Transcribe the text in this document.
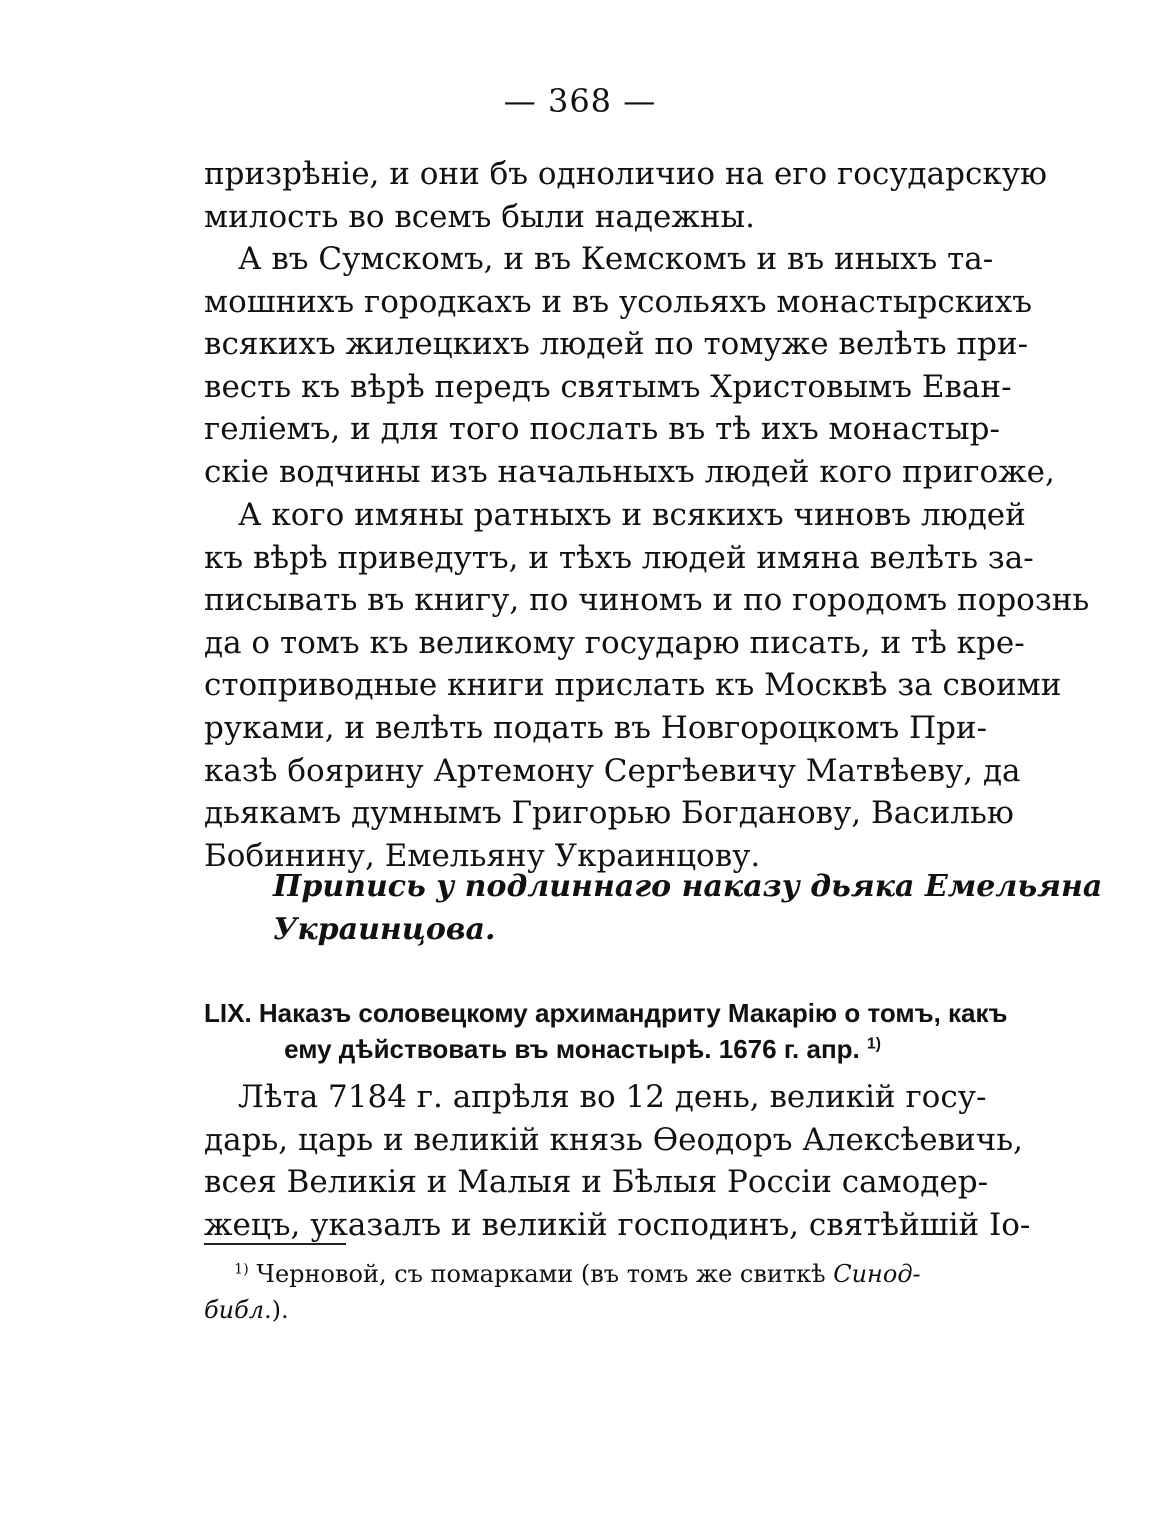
— 368 —
призрѣніе, и они бъ одноличио на его государскую
милость во всемъ были надежны.
А въ Сумскомъ, и въ Кемскомъ и въ иныхъ та-
мошнихъ городкахъ и въ усольяхъ монастырскихъ
всякихъ жилецкихъ людей по томуже велѣть при-
весть къ вѣрѣ передъ святымъ Христовымъ Еван-
геліемъ, и для того послать въ тѣ ихъ монастыр-
скіе водчины изъ начальныхъ людей кого пригоже,
А кого имяны ратныхъ и всякихъ чиновъ людей
къ вѣрѣ приведутъ, и тѣхъ людей имяна велѣть за-
писывать въ книгу, по чиномъ и по городомъ порознь
да о томъ къ великому государю писать, и тѣ кре-
стоприводные книги прислать къ Москвѣ за своими
руками, и велѣть подать въ Новгороцкомъ При-
казѣ боярину Артемону Сергѣевичу Матвѣеву, да
дьякамъ думнымъ Григорью Богданову, Василью
Бобинину, Емельяну Украинцову.
Припись у подлиннаго наказу дьяка Емельяна
Украинцова.
LIX. Наказъ соловецкому архимандриту Макарію о томъ, какъ
ему дѣйствовать въ монастырѣ. 1676 г. апр. $^{1)}$
Лѣта 7184 г. апрѣля во 12 день, великій госу-
дарь, царь и великій князь Ѳеодоръ Алексѣевичь,
всея Великія и Малыя и Бѣлыя Россіи самодер-
жецъ, указалъ и великій господинъ, святѣйшій Іо-
$^{1)}$ Черновой, съ помарками (въ томъ же свиткѣ Синод-
библ.).
